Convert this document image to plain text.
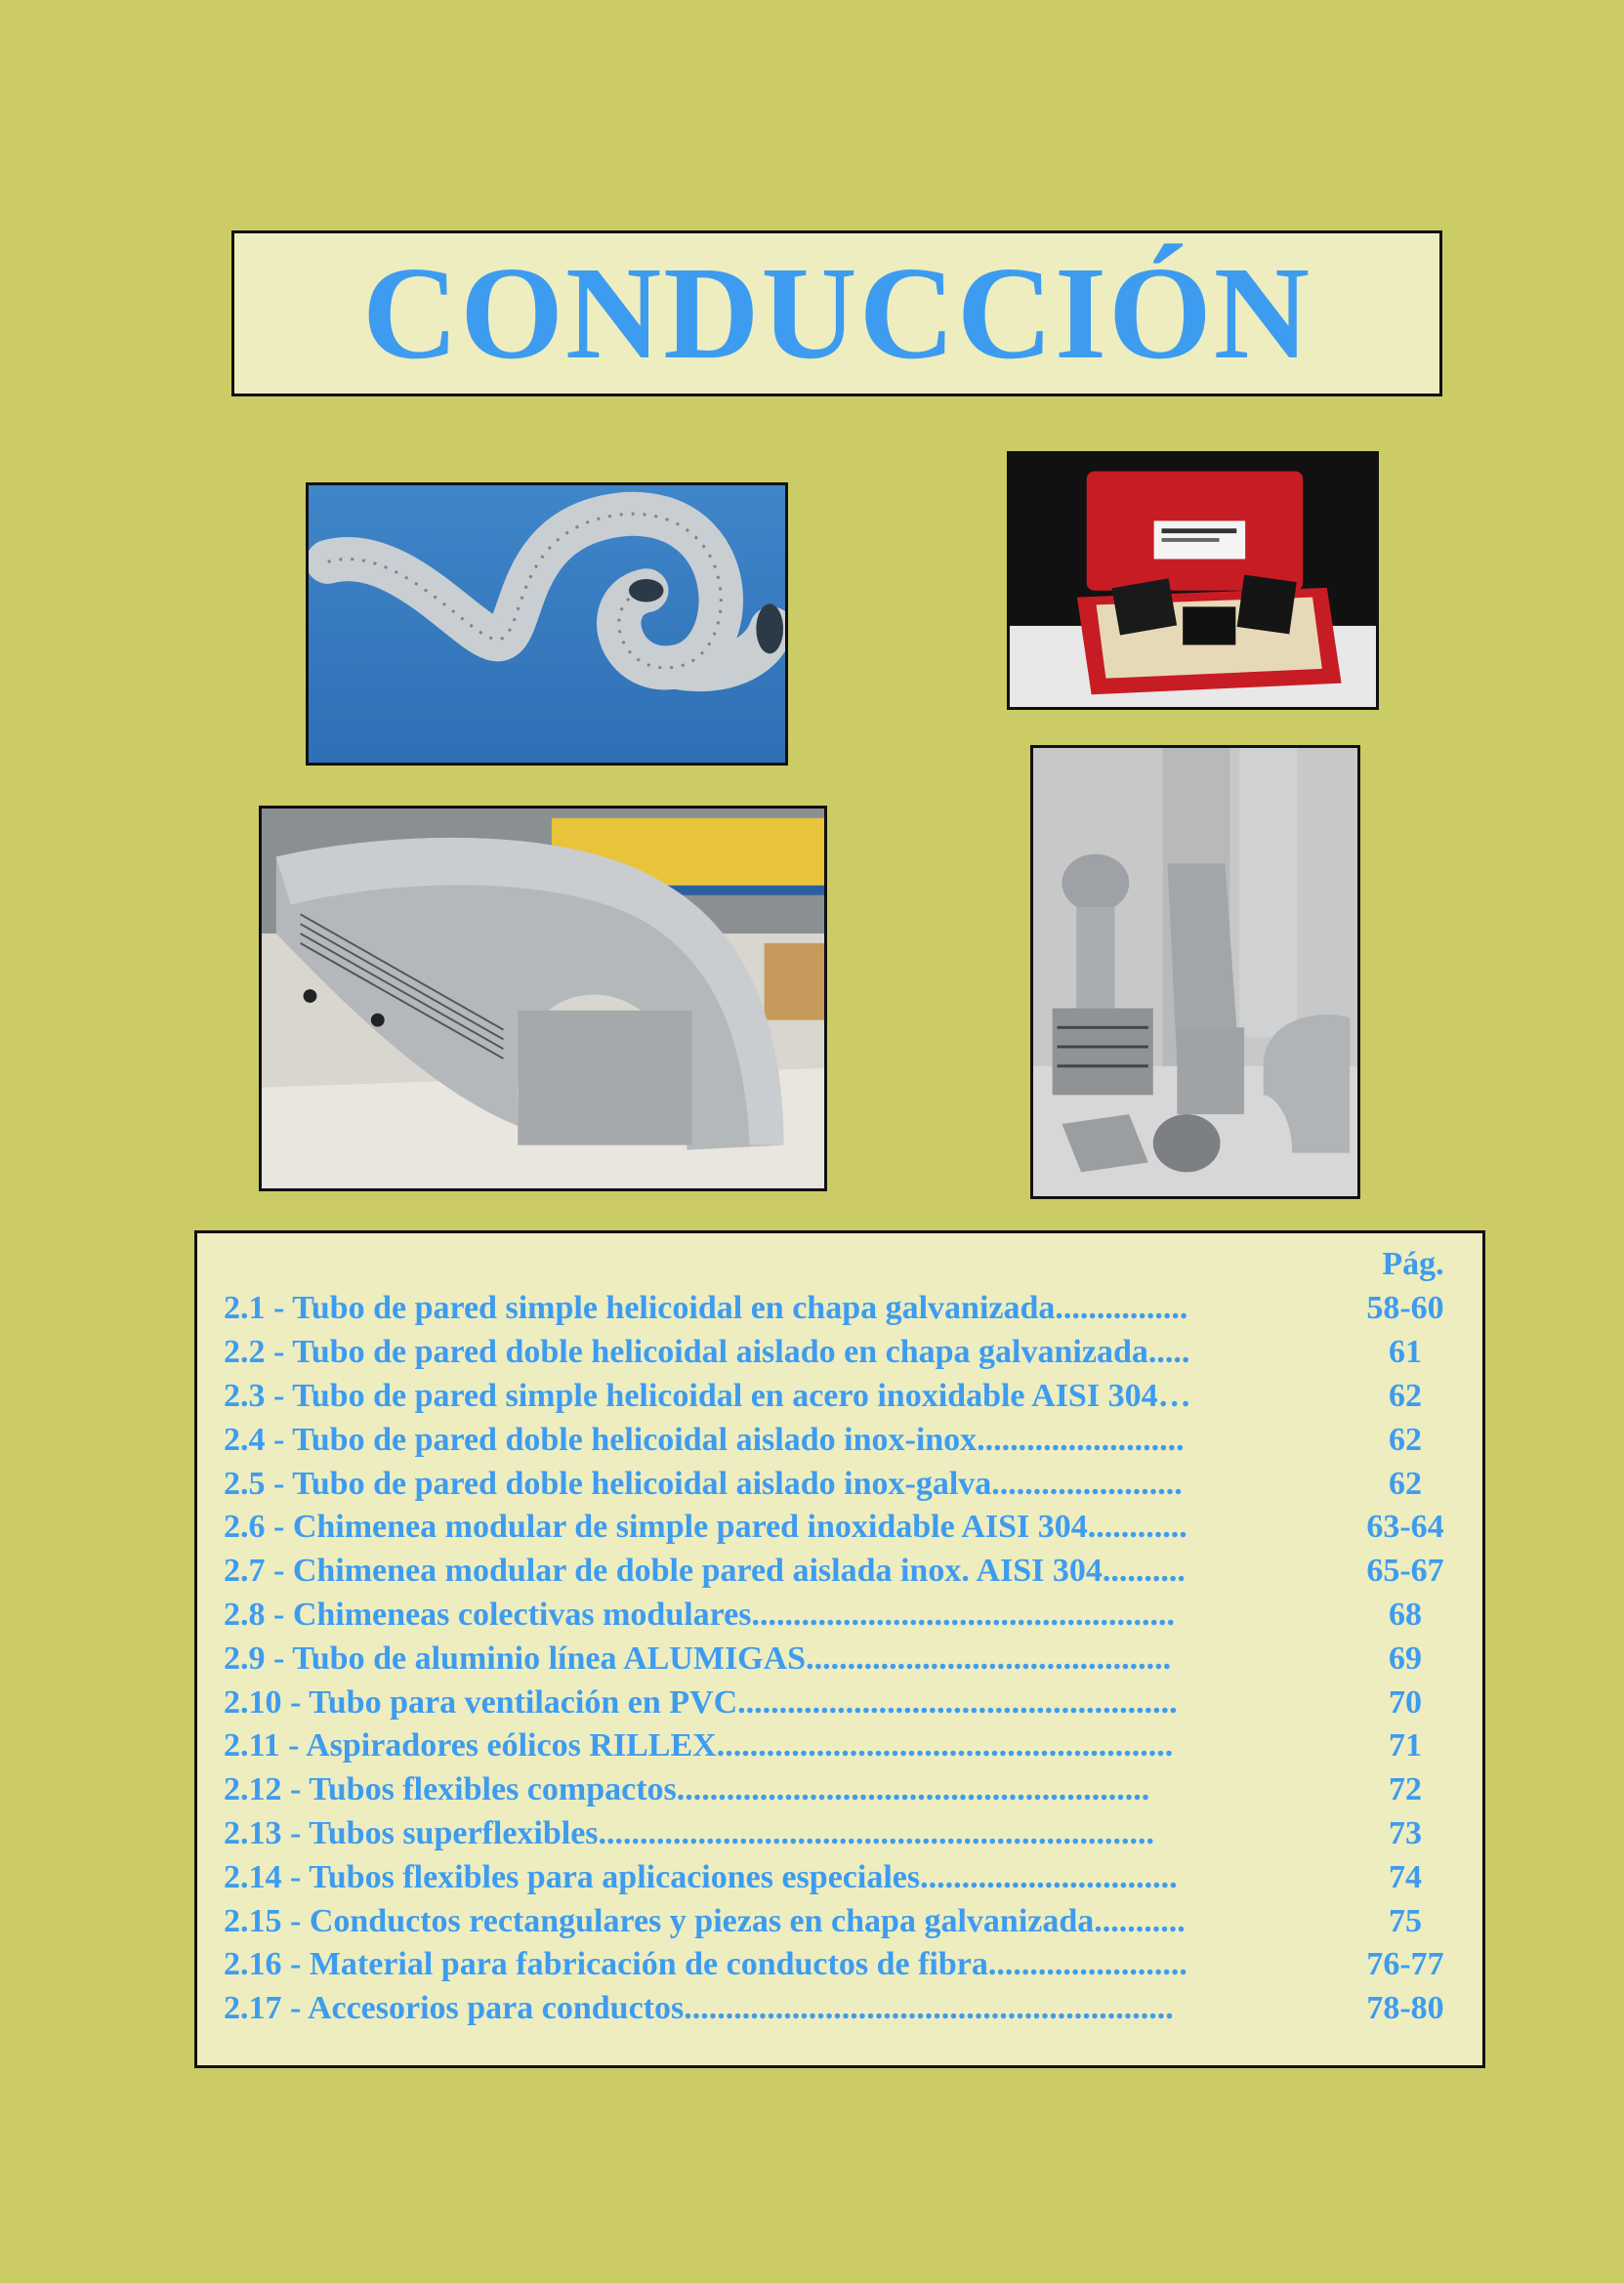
CONDUCCIÓN
Pág.
2.1 - Tubo de pared simple helicoidal en chapa galvanizada................	58-60
2.2 - Tubo de pared doble helicoidal aislado en chapa galvanizada.....	61
2.3 - Tubo de pared simple helicoidal en acero inoxidable AISI 304…	62
2.4 - Tubo de pared doble helicoidal aislado inox-inox.........................	62
2.5 - Tubo de pared doble helicoidal aislado inox-galva.......................	62
2.6 - Chimenea modular de simple pared inoxidable AISI 304............	63-64
2.7 - Chimenea modular de doble pared aislada inox. AISI 304..........	65-67
2.8 - Chimeneas colectivas modulares...................................................	68
2.9 - Tubo de aluminio línea ALUMIGAS............................................	69
2.10 - Tubo para ventilación en PVC.....................................................	70
2.11 - Aspiradores eólicos RILLEX.......................................................	71
2.12 - Tubos flexibles compactos.........................................................	72
2.13 - Tubos superflexibles...................................................................	73
2.14 - Tubos flexibles para aplicaciones especiales...............................	74
2.15 - Conductos rectangulares y piezas en chapa galvanizada...........	75
2.16 - Material para fabricación de conductos de fibra........................	76-77
2.17 - Accesorios para conductos...........................................................	78-80
